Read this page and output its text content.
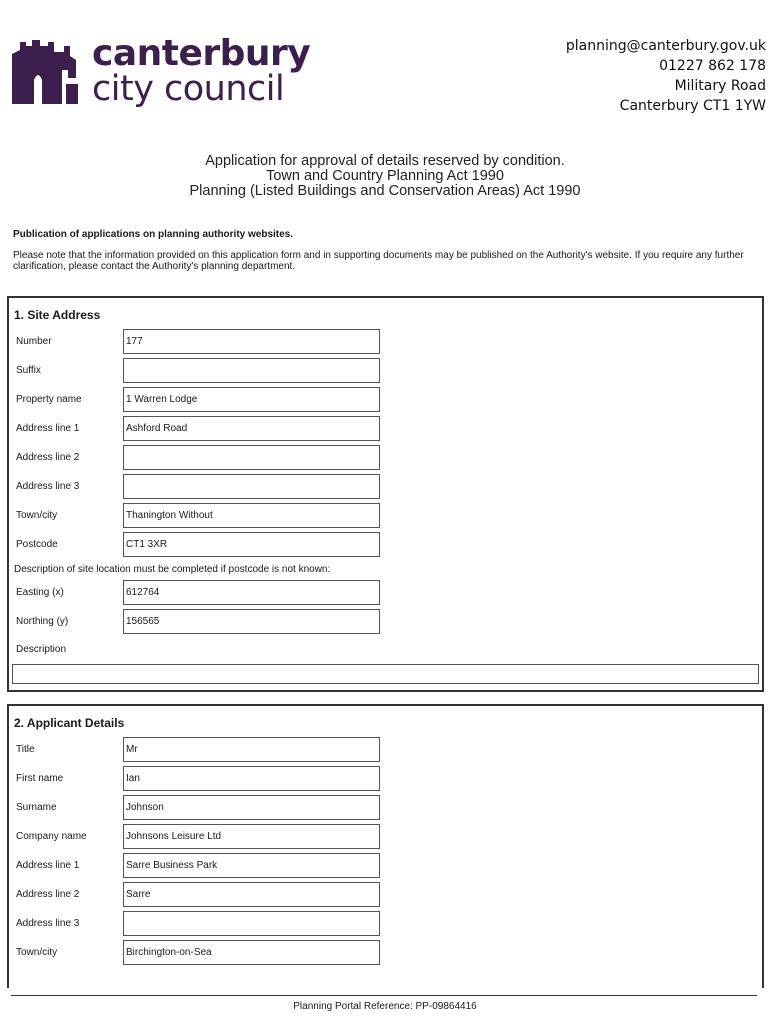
canterbury
city council
planning@canterbury.gov.uk
01227 862 178
Military Road
Canterbury CT1 1YW
Application for approval of details reserved by condition.
Town and Country Planning Act 1990
Planning (Listed Buildings and Conservation Areas) Act 1990
Publication of applications on planning authority websites.
Please note that the information provided on this application form and in supporting documents may be published on the Authority's website. If you require any further clarification, please contact the Authority's planning department.
1. Site Address
Number	177
Suffix
Property name	1 Warren Lodge
Address line 1	Ashford Road
Address line 2
Address line 3
Town/city	Thanington Without
Postcode	CT1 3XR
Description of site location must be completed if postcode is not known:
Easting (x)	612764
Northing (y)	156565
Description
2. Applicant Details
Title	Mr
First name	Ian
Surname	Johnson
Company name	Johnsons Leisure Ltd
Address line 1	Sarre Business Park
Address line 2	Sarre
Address line 3
Town/city	Birchington-on-Sea
Planning Portal Reference: PP-09864416
